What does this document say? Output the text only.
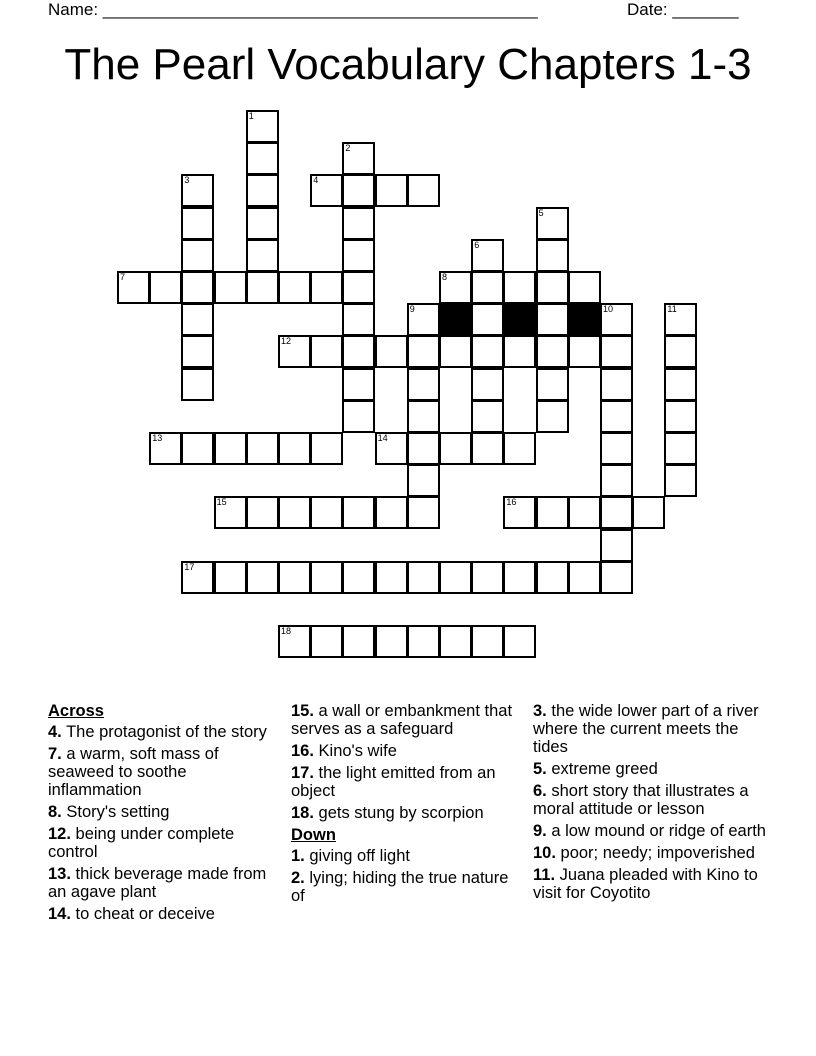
Name: ______________________________________________	Date: _______
The Pearl Vocabulary Chapters 1-3
1
2
3	4
5
6
7	8
9	10	11
12
13	14
15	16
17
18
Across
4. The protagonist of the story
7. a warm, soft mass of seaweed to soothe inflammation
8. Story's setting
12. being under complete control
13. thick beverage made from an agave plant
14. to cheat or deceive
15. a wall or embankment that serves as a safeguard
16. Kino's wife
17. the light emitted from an object
18. gets stung by scorpion
Down
1. giving off light
2. lying; hiding the true nature of
3. the wide lower part of a river where the current meets the tides
5. extreme greed
6. short story that illustrates a moral attitude or lesson
9. a low mound or ridge of earth
10. poor; needy; impoverished
11. Juana pleaded with Kino to visit for Coyotito
